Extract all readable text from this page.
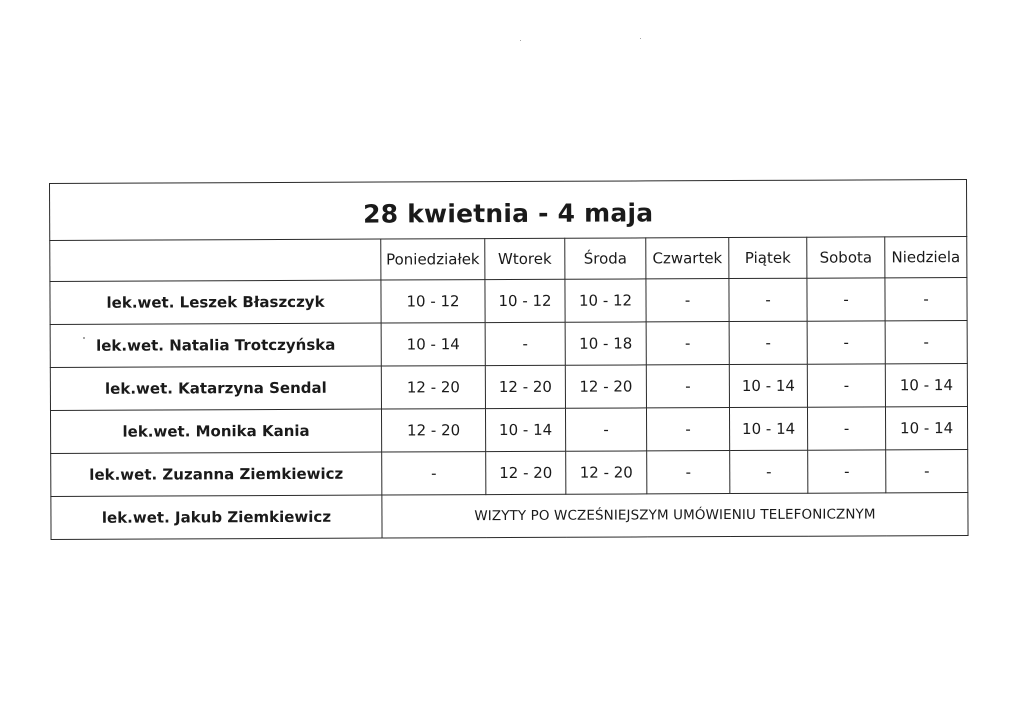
28 kwietnia - 4 maja							
	Poniedziałek	Wtorek	Środa	Czwartek	Piątek	Sobota	Niedziela
lek.wet. Leszek Błaszczyk	10 - 12	10 - 12	10 - 12	-	-	-	-
lek.wet. Natalia Trotczyńska	10 - 14	-	10 - 18	-	-	-	-
lek.wet. Katarzyna Sendal	12 - 20	12 - 20	12 - 20	-	10 - 14	-	10 - 14
lek.wet. Monika Kania	12 - 20	10 - 14	-	-	10 - 14	-	10 - 14
lek.wet. Zuzanna Ziemkiewicz	-	12 - 20	12 - 20	-	-	-	-
lek.wet. Jakub Ziemkiewicz	WIZYTY PO WCZEŚNIEJSZYM UMÓWIENIU TELEFONICZNYM						
